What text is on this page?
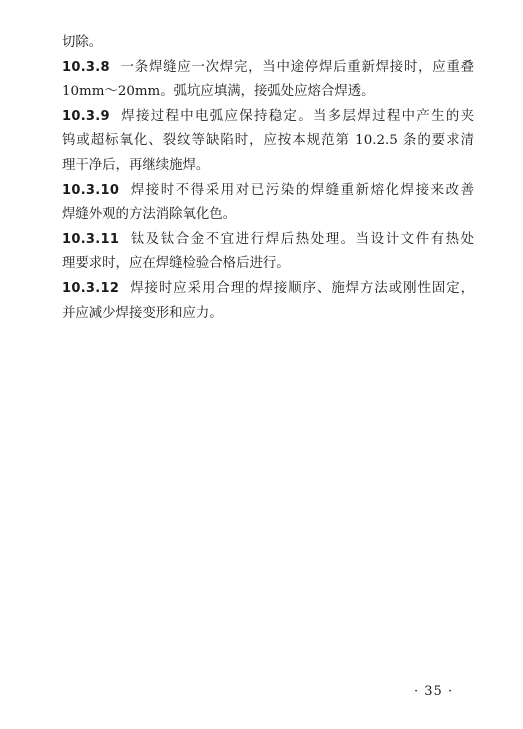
切除。
10.3.8 一条焊缝应一次焊完，当中途停焊后重新焊接时，应重叠
10mm～20mm。弧坑应填满，接弧处应熔合焊透。
10.3.9 焊接过程中电弧应保持稳定。当多层焊过程中产生的夹
钨或超标氧化、裂纹等缺陷时，应按本规范第 10.2.5 条的要求清
理干净后，再继续施焊。
10.3.10 焊接时不得采用对已污染的焊缝重新熔化焊接来改善
焊缝外观的方法消除氧化色。
10.3.11 钛及钛合金不宜进行焊后热处理。当设计文件有热处
理要求时，应在焊缝检验合格后进行。
10.3.12 焊接时应采用合理的焊接顺序、施焊方法或刚性固定，
并应减少焊接变形和应力。
· 35 ·
